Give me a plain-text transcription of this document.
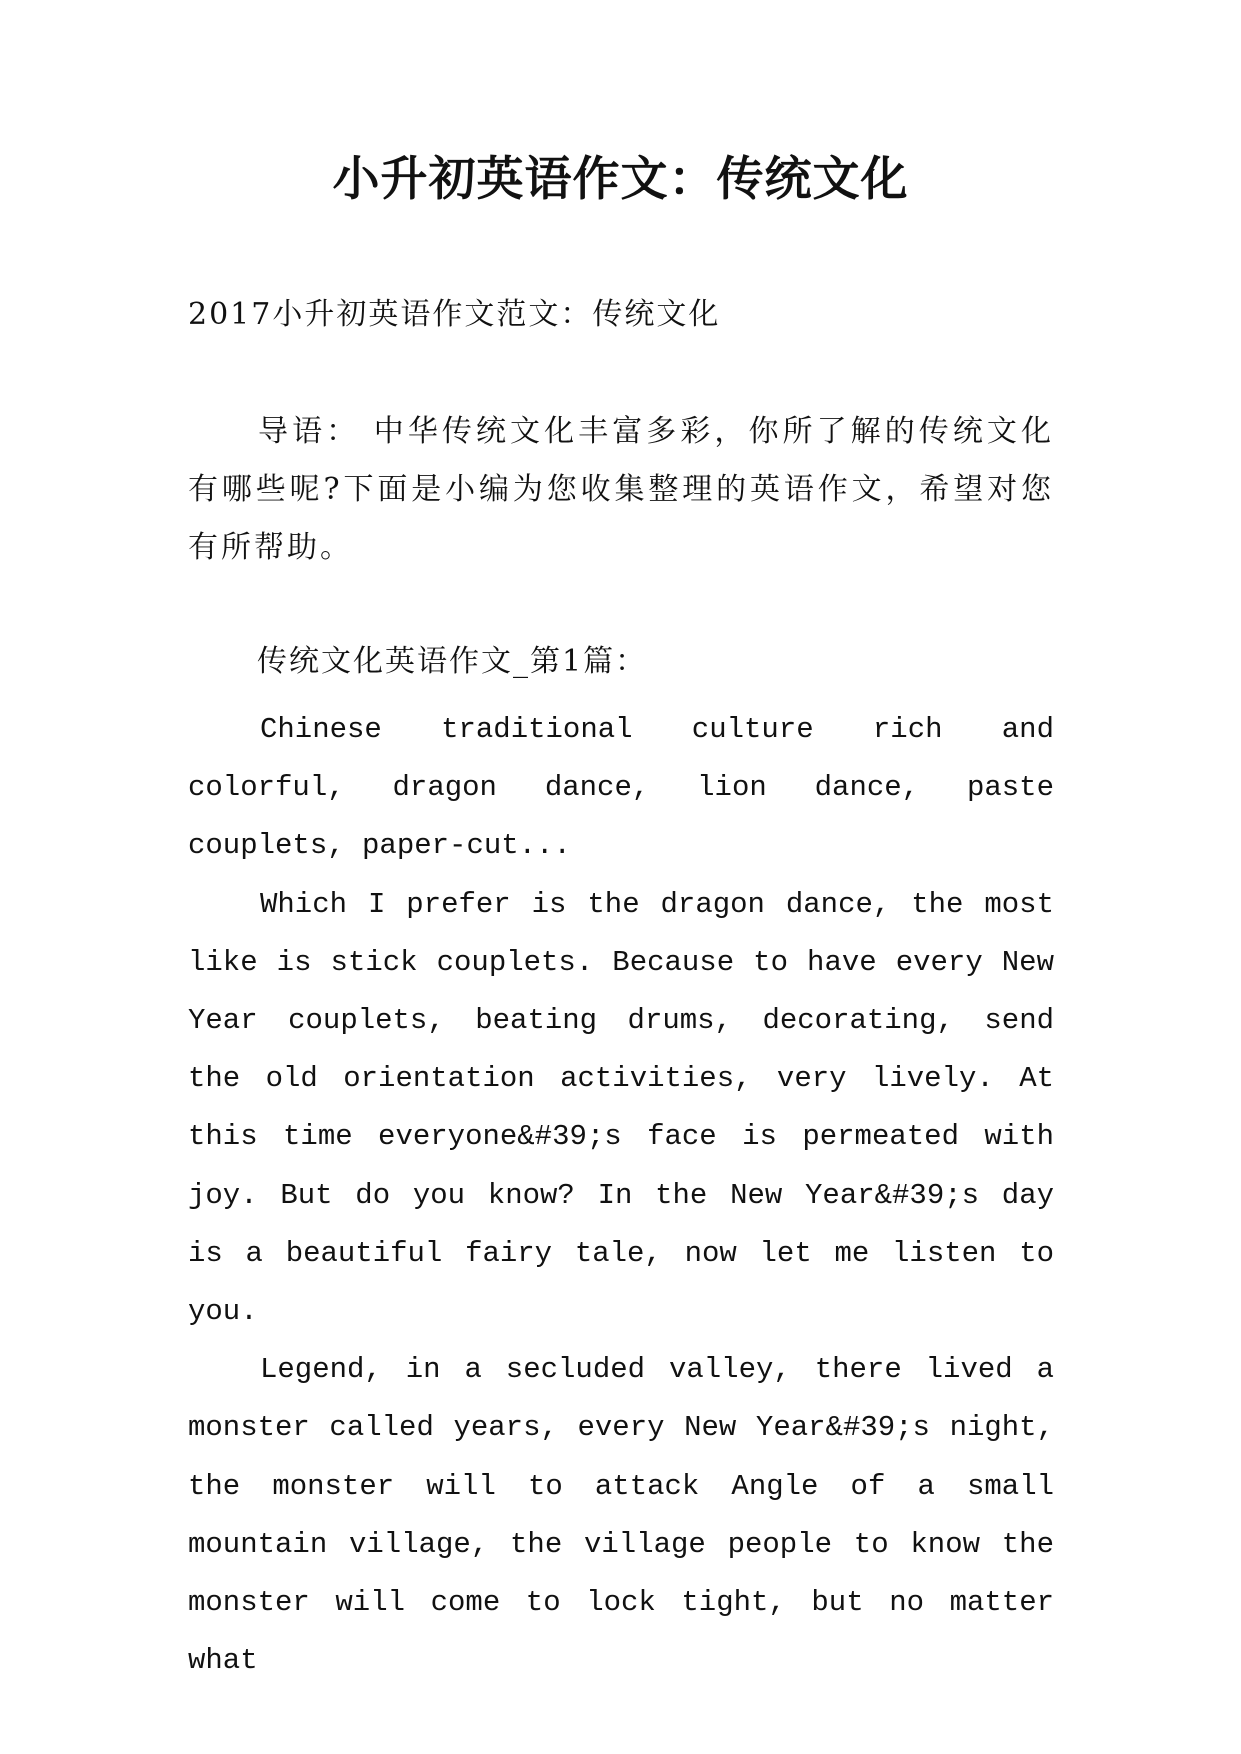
小升初英语作文：传统文化
2017小升初英语作文范文：传统文化

导语： 中华传统文化丰富多彩，你所了解的传统文化有哪些呢?下面是小编为您收集整理的英语作文，希望对您有所帮助。

传统文化英语作文_第1篇：

Chinese traditional culture rich and colorful, dragon dance, lion dance, paste couplets, paper-cut...

Which I prefer is the dragon dance, the most like is stick couplets. Because to have every New Year couplets, beating drums, decorating, send the old orientation activities, very lively. At this time everyone&#39;s face is permeated with joy. But do you know? In the New Year&#39;s day is a beautiful fairy tale, now let me listen to you.

Legend, in a secluded valley, there lived a monster called years, every New Year&#39;s night, the monster will to attack Angle of a small mountain village, the village people to know the monster will come to lock tight, but no matter what
